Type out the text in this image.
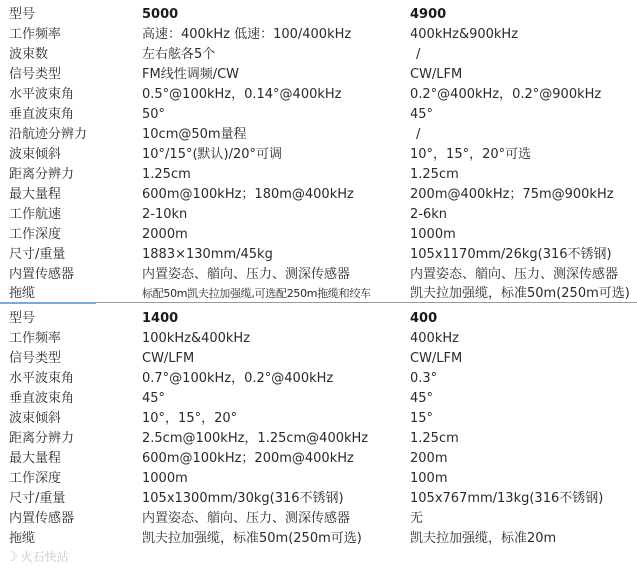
型号	5000	4900
工作频率	高速：400kHz 低速：100/400kHz	400kHz&900kHz
波束数	左右舷各5个	/
信号类型	FM线性调频/CW	CW/LFM
水平波束角	0.5°@100kHz，0.14°@400kHz	0.2°@400kHz，0.2°@900kHz
垂直波束角	50°	45°
沿航迹分辨力	10cm@50m量程	/
波束倾斜	10°/15°(默认)/20°可调	10°，15°，20°可选
距离分辨力	1.25cm	1.25cm
最大量程	600m@100kHz；180m@400kHz	200m@400kHz；75m@900kHz
工作航速	2-10kn	2-6kn
工作深度	2000m	1000m
尺寸/重量	1883×130mm/45kg	105x1170mm/26kg(316不锈钢)
内置传感器	内置姿态、艏向、压力、测深传感器	内置姿态、艏向、压力、测深传感器
拖缆	标配50m凯夫拉加强缆,可选配250m拖缆和绞车	凯夫拉加强缆，标准50m(250m可选)
型号	1400	400
工作频率	100kHz&400kHz	400kHz
信号类型	CW/LFM	CW/LFM
水平波束角	0.7°@100kHz，0.2°@400kHz	0.3°
垂直波束角	45°	45°
波束倾斜	10°，15°，20°	15°
距离分辨力	2.5cm@100kHz，1.25cm@400kHz	1.25cm
最大量程	600m@100kHz；200m@400kHz	200m
工作深度	1000m	100m
尺寸/重量	105x1300mm/30kg(316不锈钢)	105x767mm/13kg(316不锈钢)
内置传感器	内置姿态、艏向、压力、测深传感器	无
拖缆	凯夫拉加强缆，标准50m(250m可选)	凯夫拉加强缆，标准20m
☽ 火石快站
